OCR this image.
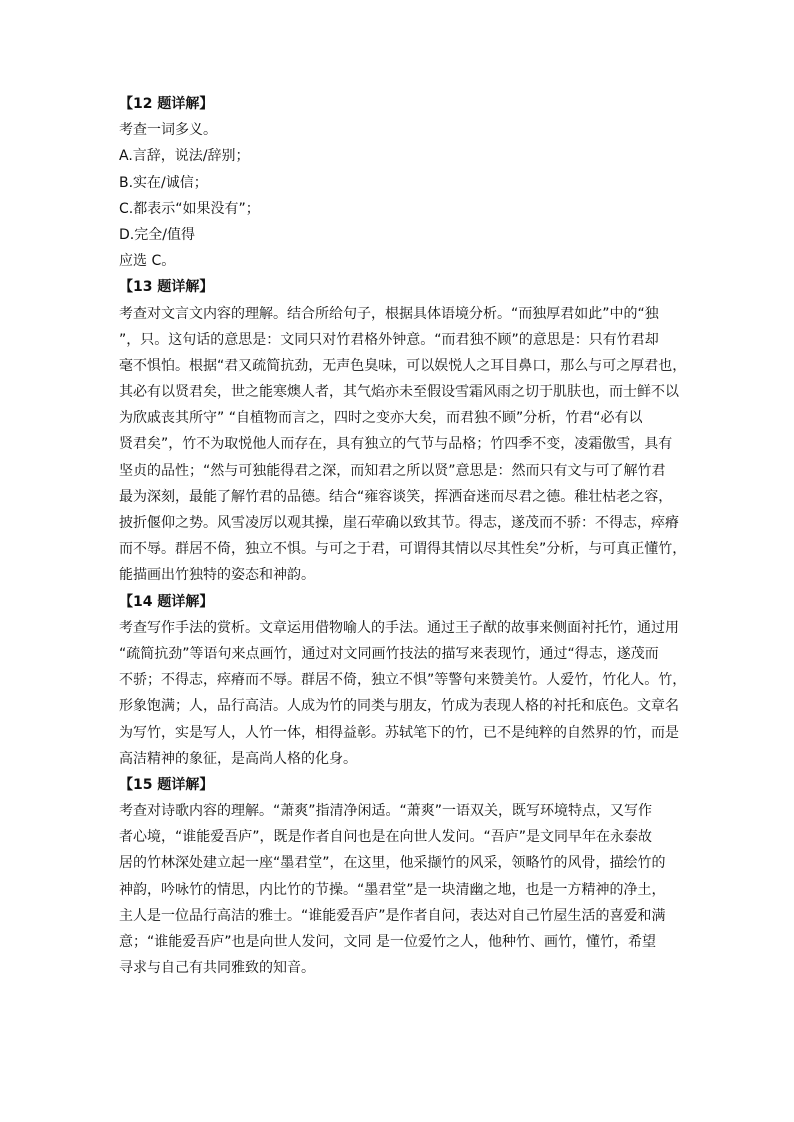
【12 题详解】
考查一词多义。
A.言辞，说法/辞别；
B.实在/诚信；
C.都表示“如果没有”；
D.完全/值得
应选 C。
【13 题详解】
考查对文言文内容的理解。结合所给句子，根据具体语境分析。“而独厚君如此”中的“独
”，只。这句话的意思是：文同只对竹君格外钟意。“而君独不顾”的意思是：只有竹君却
毫不惧怕。根据“君又疏简抗劲，无声色臭味，可以娱悦人之耳目鼻口，那么与可之厚君也，
其必有以贤君矣，世之能寒燠人者，其气焰亦未至假设雪霜风雨之切于肌肤也，而士鲜不以
为欣戚丧其所守” “自植物而言之，四时之变亦大矣，而君独不顾”分析，竹君“必有以
贤君矣”，竹不为取悦他人而存在，具有独立的气节与品格；竹四季不变，凌霜傲雪，具有
坚贞的品性；“然与可独能得君之深，而知君之所以贤”意思是：然而只有文与可了解竹君
最为深刻，最能了解竹君的品德。结合“雍容谈笑，挥洒奋迷而尽君之德。稚壮枯老之容，
披折偃仰之势。风雪凌厉以观其操，崖石荦确以致其节。得志，遂茂而不骄：不得志，瘁瘠
而不辱。群居不倚，独立不惧。与可之于君，可谓得其情以尽其性矣”分析，与可真正懂竹，
能描画出竹独特的姿态和神韵。
【14 题详解】
考查写作手法的赏析。文章运用借物喻人的手法。通过王子猷的故事来侧面衬托竹，通过用
“疏简抗劲”等语句来点画竹，通过对文同画竹技法的描写来表现竹，通过“得志，遂茂而
不骄；不得志，瘁瘠而不辱。群居不倚，独立不惧”等警句来赞美竹。人爱竹，竹化人。竹，
形象饱满；人，品行高洁。人成为竹的同类与朋友，竹成为表现人格的衬托和底色。文章名
为写竹，实是写人，人竹一体，相得益彰。苏轼笔下的竹，已不是纯粹的自然界的竹，而是
高洁精神的象征，是高尚人格的化身。
【15 题详解】
考查对诗歌内容的理解。“萧爽”指清净闲适。“萧爽”一语双关，既写环境特点，又写作
者心境，“谁能爱吾庐”，既是作者自问也是在向世人发问。“吾庐”是文同早年在永泰故
居的竹林深处建立起一座“墨君堂”，在这里，他采撷竹的风采，领略竹的风骨，描绘竹的
神韵，吟咏竹的情思，内比竹的节操。“墨君堂”是一块清幽之地，也是一方精神的净土，
主人是一位品行高洁的雅士。“谁能爱吾庐”是作者自问，表达对自己竹屋生活的喜爱和满
意；“谁能爱吾庐”也是向世人发问，文同 是一位爱竹之人，他种竹、画竹，懂竹，希望
寻求与自己有共同雅致的知音。
